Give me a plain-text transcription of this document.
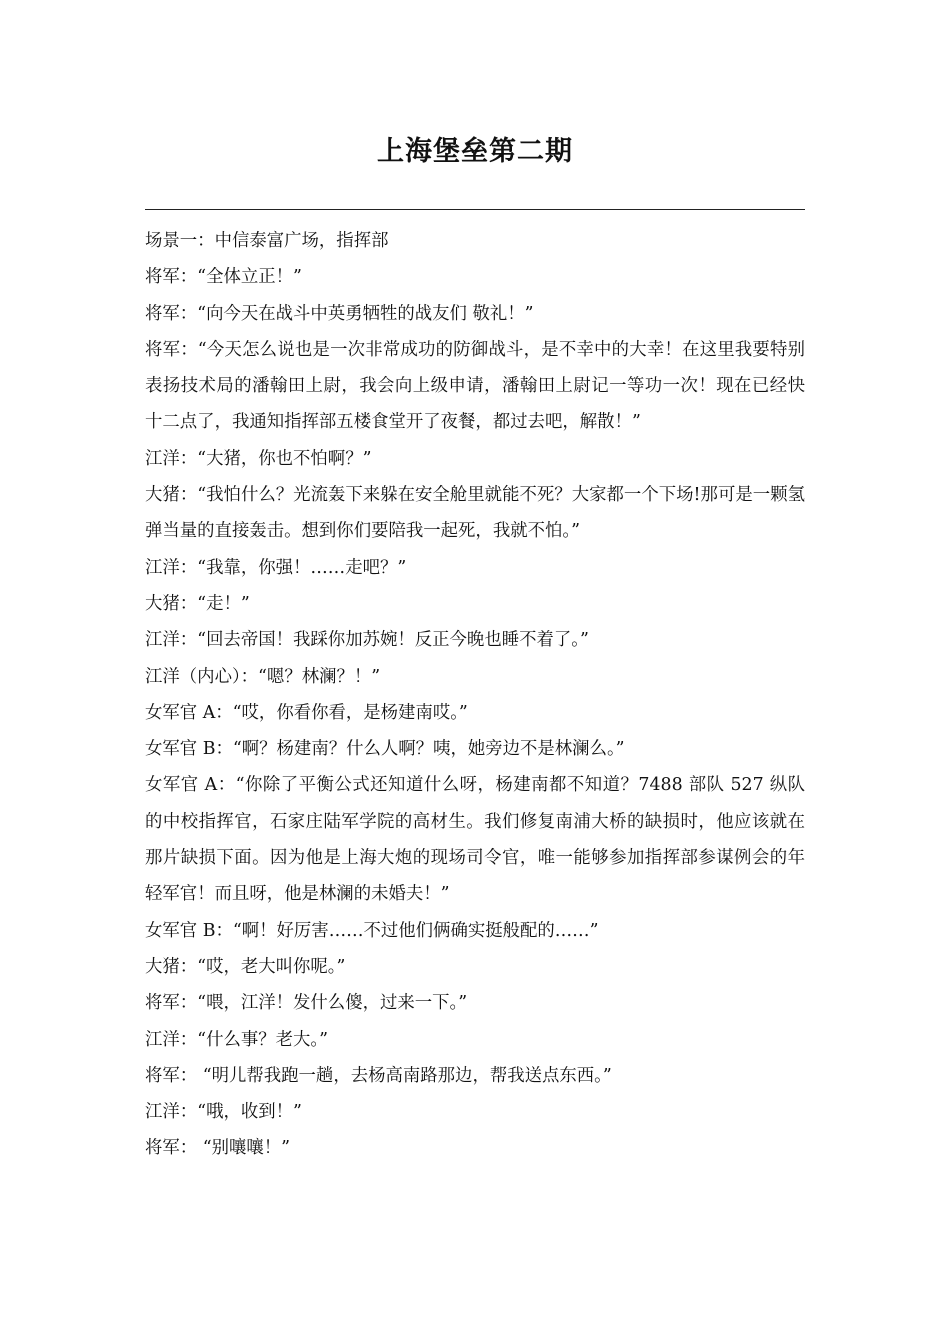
上海堡垒第二期

场景一：中信泰富广场，指挥部

将军：“全体立正！”

将军：“向今天在战斗中英勇牺牲的战友们 敬礼！”

将军：“今天怎么说也是一次非常成功的防御战斗，是不幸中的大幸！在这里我要特别表扬技术局的潘翰田上尉，我会向上级申请，潘翰田上尉记一等功一次！现在已经快十二点了，我通知指挥部五楼食堂开了夜餐，都过去吧，解散！”

江洋：“大猪，你也不怕啊？”

大猪：“我怕什么？光流轰下来躲在安全舱里就能不死？大家都一个下场!那可是一颗氢弹当量的直接轰击。想到你们要陪我一起死，我就不怕。”

江洋：“我靠，你强！……走吧？”

大猪：“走！”

江洋：“回去帝国！我踩你加苏婉！反正今晚也睡不着了。”

江洋（内心）：“嗯？林澜？！”

女军官 A：“哎，你看你看，是杨建南哎。”

女军官 B：“啊？杨建南？什么人啊？咦，她旁边不是林澜么。”

女军官 A：“你除了平衡公式还知道什么呀，杨建南都不知道？7488 部队 527 纵队的中校指挥官，石家庄陆军学院的高材生。我们修复南浦大桥的缺损时，他应该就在那片缺损下面。因为他是上海大炮的现场司令官，唯一能够参加指挥部参谋例会的年轻军官！而且呀，他是林澜的未婚夫！”

女军官 B：“啊！好厉害……不过他们俩确实挺般配的……”

大猪：“哎，老大叫你呢。”

将军：“喂，江洋！发什么傻，过来一下。”

江洋：“什么事？老大。”

将军： “明儿帮我跑一趟，去杨高南路那边，帮我送点东西。”

江洋：“哦，收到！”

将军： “别嚷嚷！”
